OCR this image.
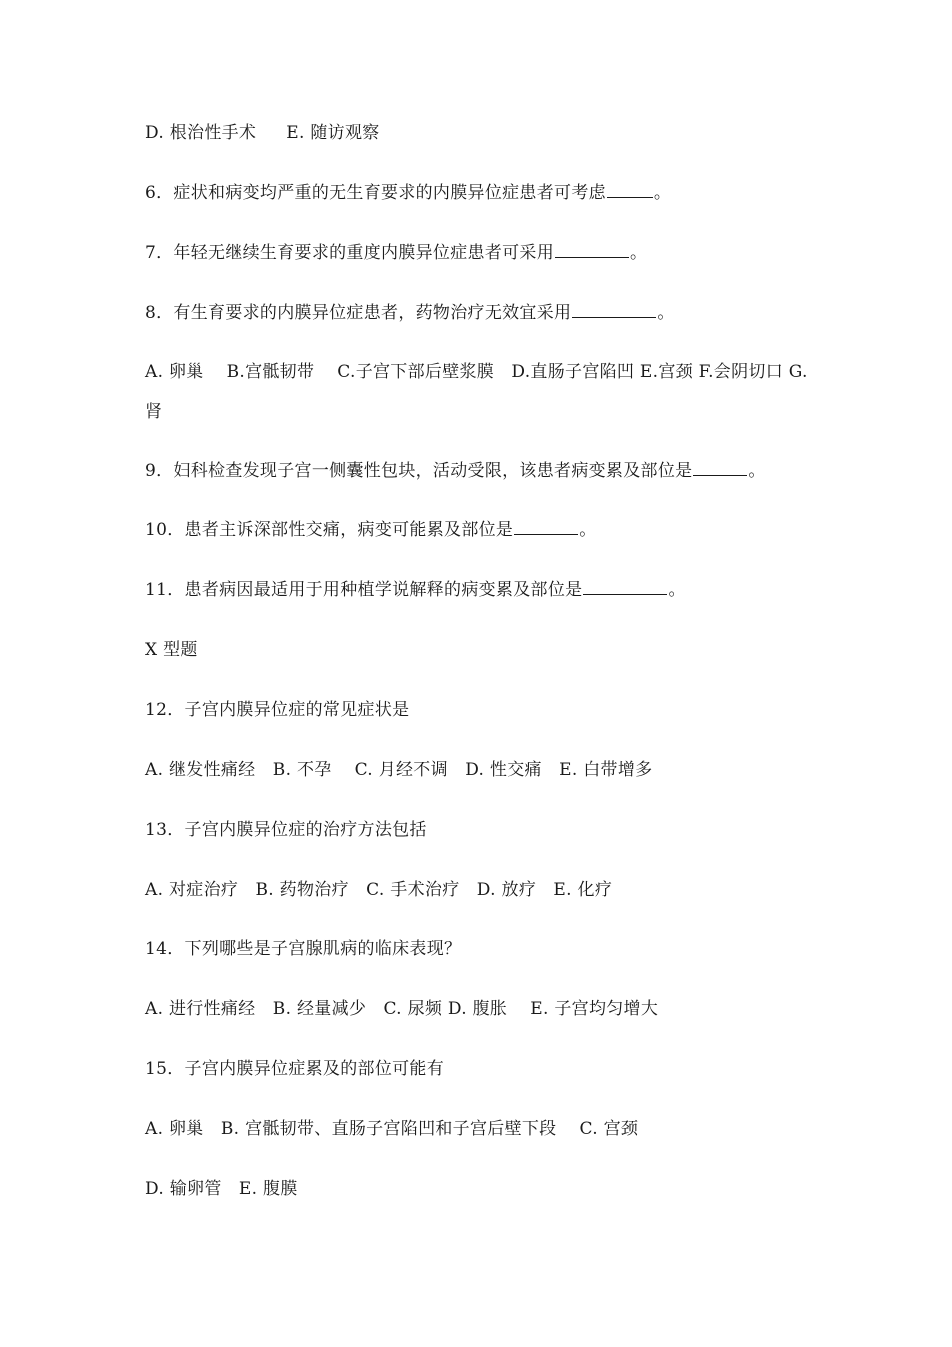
D. 根治性手术 E. 随访观察
6．症状和病变均严重的无生育要求的内膜异位症患者可考虑	。
7．年轻无继续生育要求的重度内膜异位症患者可采用	。
8．有生育要求的内膜异位症患者，药物治疗无效宜采用	。
A. 卵巢　 B.宫骶韧带　 C.子宫下部后壁浆膜　D.直肠子宫陷凹 E.宫颈 F.会阴切口 G.肾
9．妇科检查发现子宫一侧囊性包块，活动受限，该患者病变累及部位是	。
10．患者主诉深部性交痛，病变可能累及部位是	。
11．患者病因最适用于用种植学说解释的病变累及部位是	。
X 型题
12．子宫内膜异位症的常见症状是
A. 继发性痛经　B. 不孕　 C. 月经不调　D. 性交痛　E. 白带增多
13．子宫内膜异位症的治疗方法包括
A. 对症治疗　B. 药物治疗　C. 手术治疗　D. 放疗　E. 化疗
14．下列哪些是子宫腺肌病的临床表现？
A. 进行性痛经　B. 经量减少　C. 尿频 D. 腹胀　 E. 子宫均匀增大
15．子宫内膜异位症累及的部位可能有
A. 卵巢　B. 宫骶韧带、直肠子宫陷凹和子宫后壁下段　 C. 宫颈
D. 输卵管　E. 腹膜
